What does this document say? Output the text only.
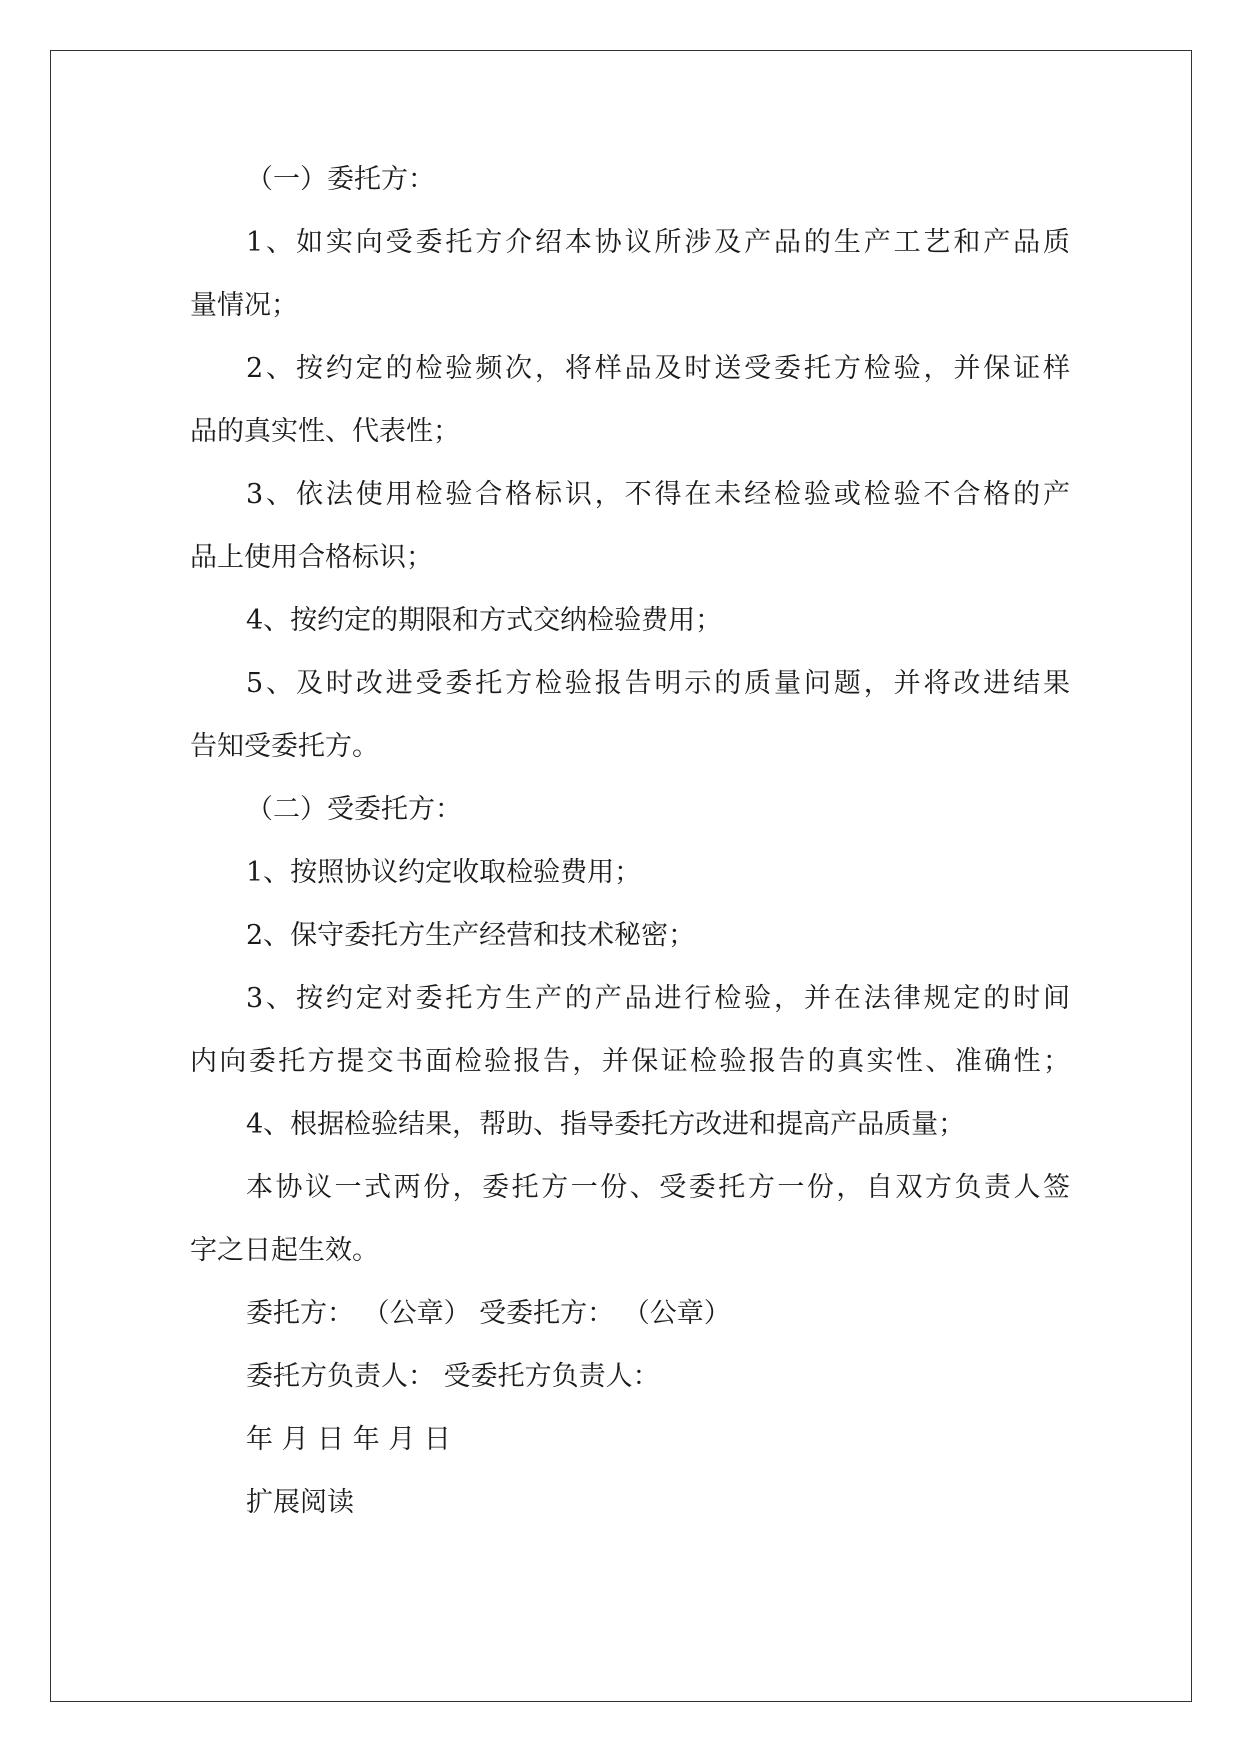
（一）委托方：
1、如实向受委托方介绍本协议所涉及产品的生产工艺和产品质
量情况；
2、按约定的检验频次，将样品及时送受委托方检验，并保证样
品的真实性、代表性；
3、依法使用检验合格标识，不得在未经检验或检验不合格的产
品上使用合格标识；
4、按约定的期限和方式交纳检验费用；
5、及时改进受委托方检验报告明示的质量问题，并将改进结果
告知受委托方。
（二）受委托方：
1、按照协议约定收取检验费用；
2、保守委托方生产经营和技术秘密；
3、按约定对委托方生产的产品进行检验，并在法律规定的时间
内向委托方提交书面检验报告，并保证检验报告的真实性、准确性；
4、根据检验结果，帮助、指导委托方改进和提高产品质量；
本协议一式两份，委托方一份、受委托方一份，自双方负责人签
字之日起生效。
委托方： （公章） 受委托方： （公章）
委托方负责人： 受委托方负责人：
年 月 日 年 月 日
扩展阅读
